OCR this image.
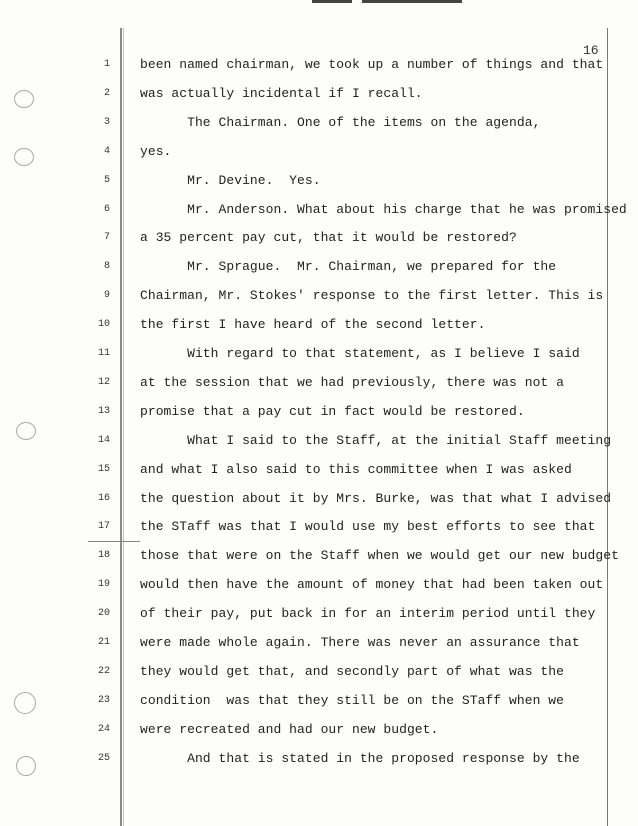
16
1 been named chairman, we took up a number of things and that
2 was actually incidental if I recall.
3 The Chairman. One of the items on the agenda,
4 yes.
5 Mr. Devine.  Yes.
6 Mr. Anderson. What about his charge that he was promised
7 a 35 percent pay cut, that it would be restored?
8 Mr. Sprague.  Mr. Chairman, we prepared for the
9 Chairman, Mr. Stokes' response to the first letter. This is
10 the first I have heard of the second letter.
11 With regard to that statement, as I believe I said
12 at the session that we had previously, there was not a
13 promise that a pay cut in fact would be restored.
14 What I said to the Staff, at the initial Staff meeting
15 and what I also said to this committee when I was asked
16 the question about it by Mrs. Burke, was that what I advised
17 the STaff was that I would use my best efforts to see that
18 those that were on the Staff when we would get our new budget
19 would then have the amount of money that had been taken out
20 of their pay, put back in for an interim period until they
21 were made whole again. There was never an assurance that
22 they would get that, and secondly part of what was the
23 condition  was that they still be on the STaff when we
24 were recreated and had our new budget.
25 And that is stated in the proposed response by the
